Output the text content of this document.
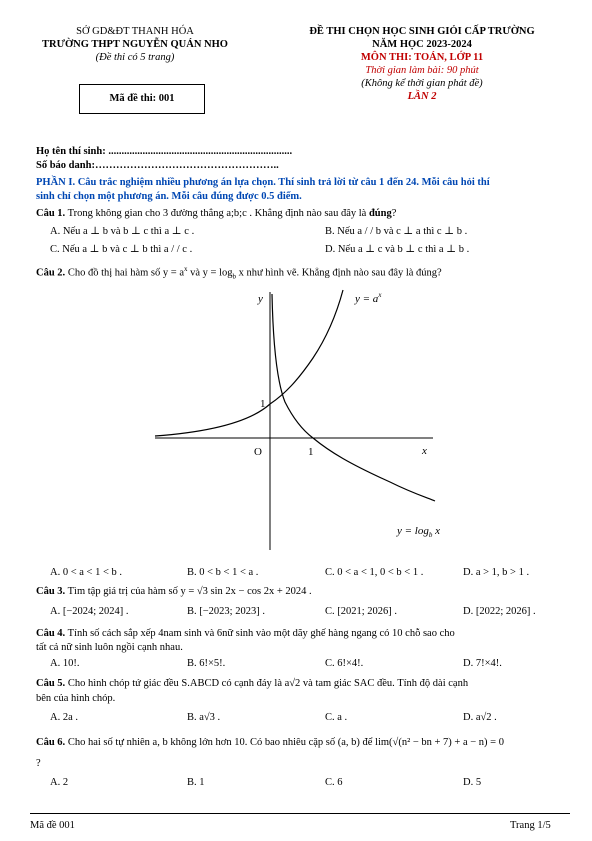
SỞ GD&ĐT THANH HÓA
TRƯỜNG THPT NGUYỄN QUÁN NHO
(Đề thi có 5 trang)
Mã đề thi: 001
ĐỀ THI CHỌN HỌC SINH GIỎI CẤP TRƯỜNG
NĂM HỌC 2023-2024
MÔN THI: TOÁN, LỚP 11
Thời gian làm bài: 90 phút
(Không kể thời gian phát đề)
LẦN 2
Họ tên thí sinh: ......................................................................
Số báo danh:……………………………………………..
PHẦN I. Câu trắc nghiệm nhiều phương án lựa chọn. Thí sinh trả lời từ câu 1 đến 24. Mỗi câu hỏi thí
sinh chỉ chọn một phương án. Mỗi câu đúng được 0.5 điểm.
Câu 1. Trong không gian cho 3 đường thẳng a;b;c . Khẳng định nào sau đây là đúng?
A. Nếu a ⊥ b và b ⊥ c thì a ⊥ c .	B. Nếu a / / b và c ⊥ a thì c ⊥ b .
C. Nếu a ⊥ b và c ⊥ b thì a / / c .	D. Nếu a ⊥ c và b ⊥ c thì a ⊥ b .
Câu 2. Cho đồ thị hai hàm số $y = a^x$ và $y = \log_b x$ như hình vẽ. Khẳng định nào sau đây là đúng?
y
x
O	1
1
$y = a^x$
$y = \log_b x$
A. 0 < a < 1 < b .	B. 0 < b < 1 < a .	C. 0 < a < 1, 0 < b < 1 .	D. a > 1, b > 1 .
Câu 3. Tìm tập giá trị của hàm số y = √3 sin 2x − cos 2x + 2024 .
A. [−2024; 2024] .	B. [−2023; 2023] .	C. [2021; 2026] .	D. [2022; 2026] .
Câu 4. Tính số cách sắp xếp 4nam sinh và 6nữ sinh vào một dãy ghế hàng ngang có 10 chỗ sao cho
tất cả nữ sinh luôn ngồi cạnh nhau.
A. 10!.	B. 6!×5!.	C. 6!×4!.	D. 7!×4!.
Câu 5. Cho hình chóp tứ giác đều S.ABCD có cạnh đáy là a√2 và tam giác SAC đều. Tính độ dài cạnh
bên của hình chóp.
A. 2a .	B. a√3 .	C. a .	D. a√2 .
Câu 6. Cho hai số tự nhiên a, b không lớn hơn 10. Có bao nhiêu cặp số (a, b) để lim(√(n² − bn + 7) + a − n) = 0
?
A. 2	B. 1	C. 6	D. 5
Mã đề 001	Trang 1/5
